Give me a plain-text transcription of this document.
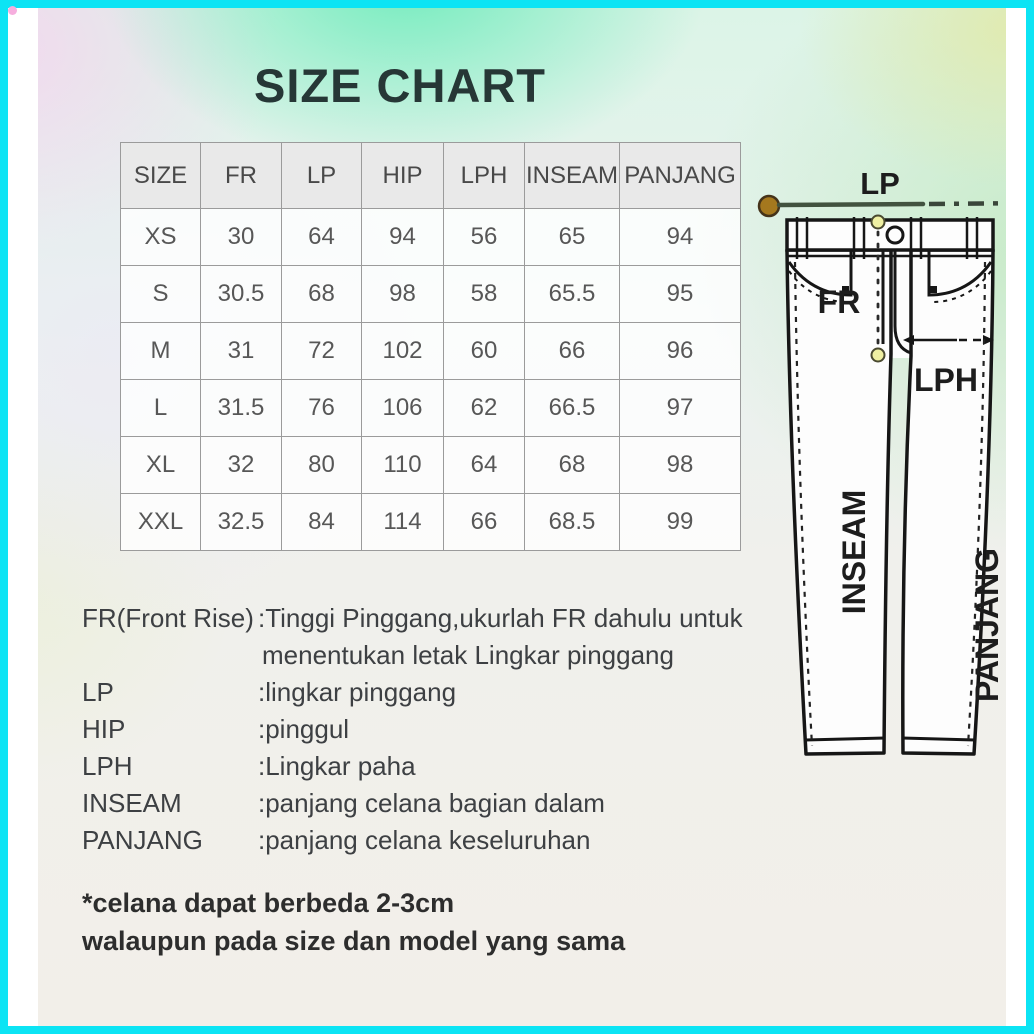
SIZE CHART
SIZE	FR	LP	HIP	LPH	INSEAM	PANJANG
XS	30	64	94	56	65	94
S	30.5	68	98	58	65.5	95
M	31	72	102	60	66	96
L	31.5	76	106	62	66.5	97
XL	32	80	110	64	68	98
XXL	32.5	84	114	66	68.5	99
FR(Front Rise) :Tinggi Pinggang,ukurlah FR dahulu untuk
menentukan letak Lingkar pinggang
LP	:lingkar pinggang
HIP	:pinggul
LPH	:Lingkar paha
INSEAM	:panjang celana bagian dalam
PANJANG	:panjang celana keseluruhan
*celana dapat berbeda 2-3cm
walaupun pada size dan model yang sama
LP
FR
LPH
INSEAM	PANJANG
